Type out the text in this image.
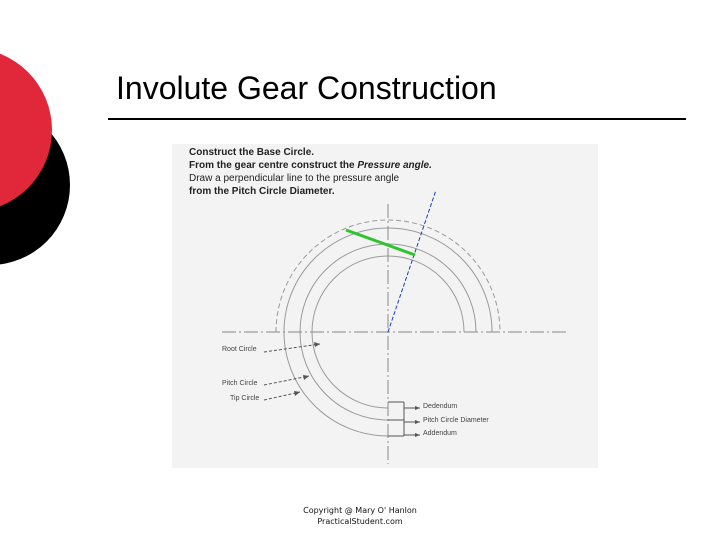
Involute Gear Construction
Construct the Base Circle.
From the gear centre construct the Pressure angle.
Draw a perpendicular line to the pressure angle
from the Pitch Circle Diameter.
Root Circle
Pitch Circle
Tip Circle
Dedendum
Pitch Circle Diameter
Addendum
Copyright @ Mary O' Hanlon
PracticalStudent.com
